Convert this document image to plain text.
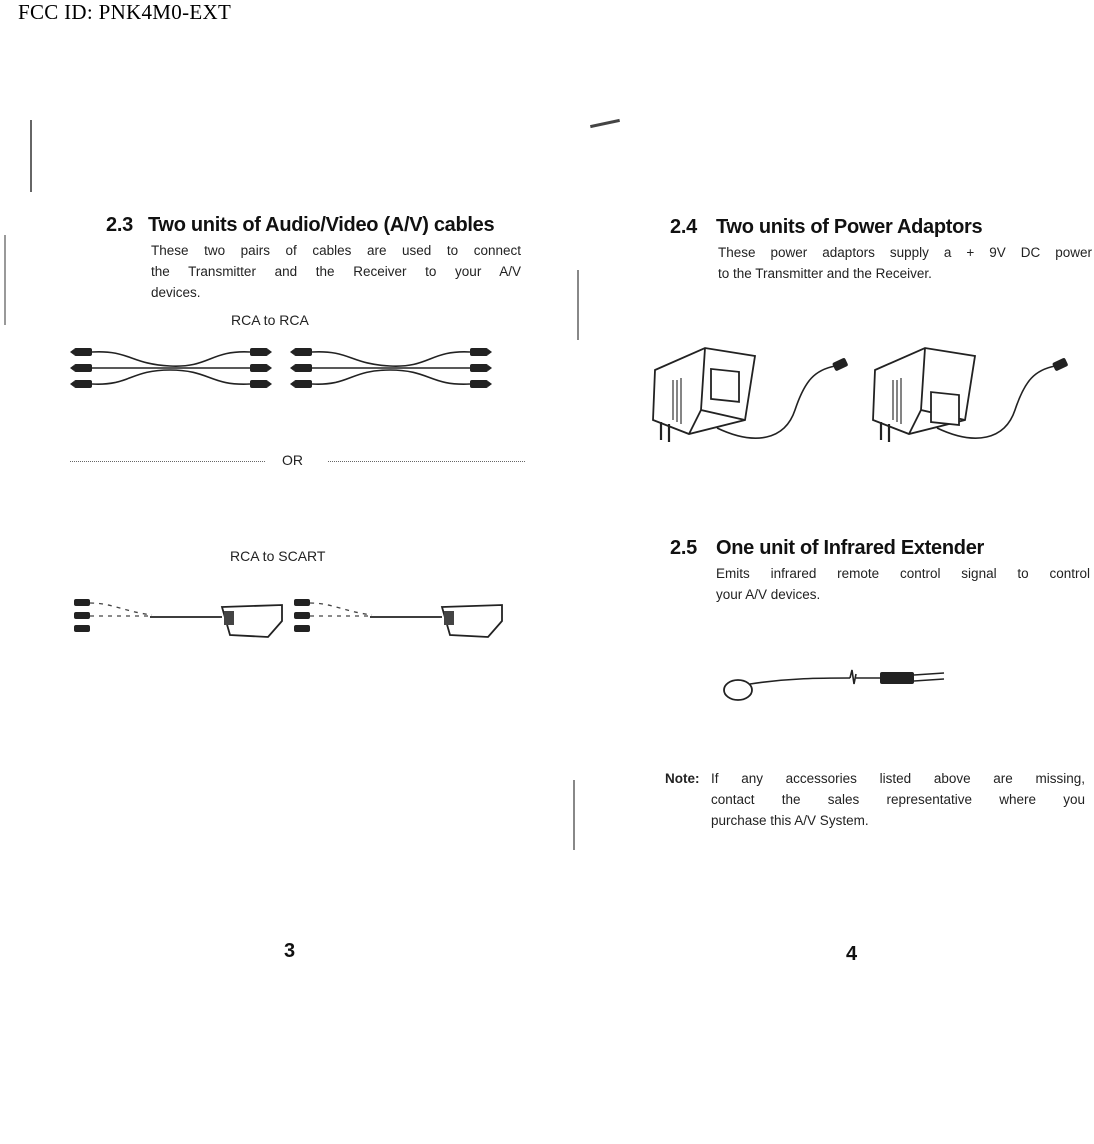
FCC ID: PNK4M0-EXT
2.3 Two units of Audio/Video (A/V) cables
These two pairs of cables are used to connect
the Transmitter and the Receiver to your A/V
devices.
RCA to RCA
OR
RCA to SCART
3
2.4 Two units of Power Adaptors
These power adaptors supply a + 9V DC power
to the Transmitter and the Receiver.
2.5 One unit of Infrared Extender
Emits infrared remote control signal to control
your A/V devices.
Note: If any accessories listed above are missing,
contact the sales representative where you
purchase this A/V System.
4
